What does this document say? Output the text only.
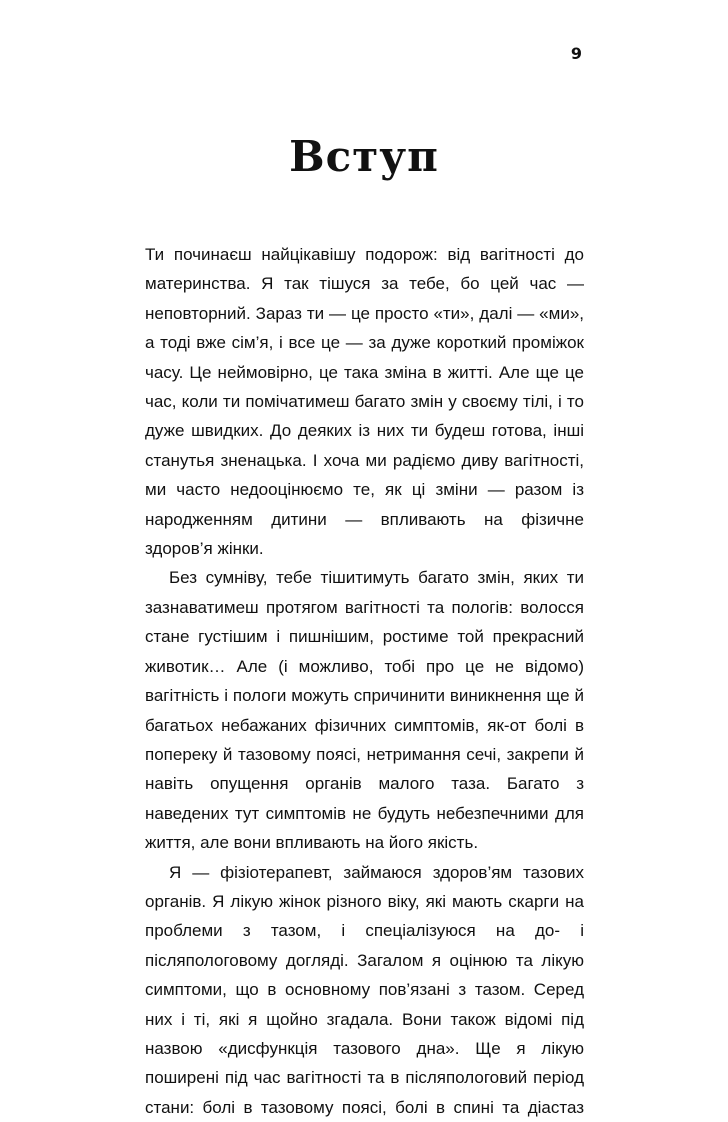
9
Вступ

Ти починаєш найцікавішу подорож: від вагітності до материнства. Я так тішуся за тебе, бо цей час — неповторний. Зараз ти — це просто «ти», далі — «ми», а тоді вже сім’я, і все це — за дуже короткий проміжок часу. Це неймовірно, це така зміна в житті. Але ще це час, коли ти помічатимеш багато змін у своєму тілі, і то дуже швидких. До деяких із них ти будеш готова, інші станутья зненацька. І хоча ми радіємо диву вагітності, ми часто недооцінюємо те, як ці зміни — разом із народженням дитини — впливають на фізичне здоров’я жінки.

Без сумніву, тебе тішитимуть багато змін, яких ти зазнаватимеш протягом вагітності та пологів: волосся стане густішим і пишнішим, ростиме той прекрасний животик… Але (і можливо, тобі про це не відомо) вагітність і пологи можуть спричинити виникнення ще й багатьох небажаних фізичних симптомів, як-от болі в попереку й тазовому поясі, нетримання сечі, закрепи й навіть опущення органів малого таза. Багато з наведених тут симптомів не будуть небезпечними для життя, але вони впливають на його якість.

Я — фізіотерапевт, займаюся здоров’ям тазових органів. Я лікую жінок різного віку, які мають скарги на проблеми з тазом, і спеціалізуюся на до- і післяпологовому догляді. Загалом я оцінюю та лікую симптоми, що в основному пов’язані з тазом. Серед них і ті, які я щойно згадала. Вони також відомі під назвою «дисфункція тазового дна». Ще я лікую поширені під час вагітності та в післяпологовий період стани: болі в тазовому поясі, болі в спині та діастаз
